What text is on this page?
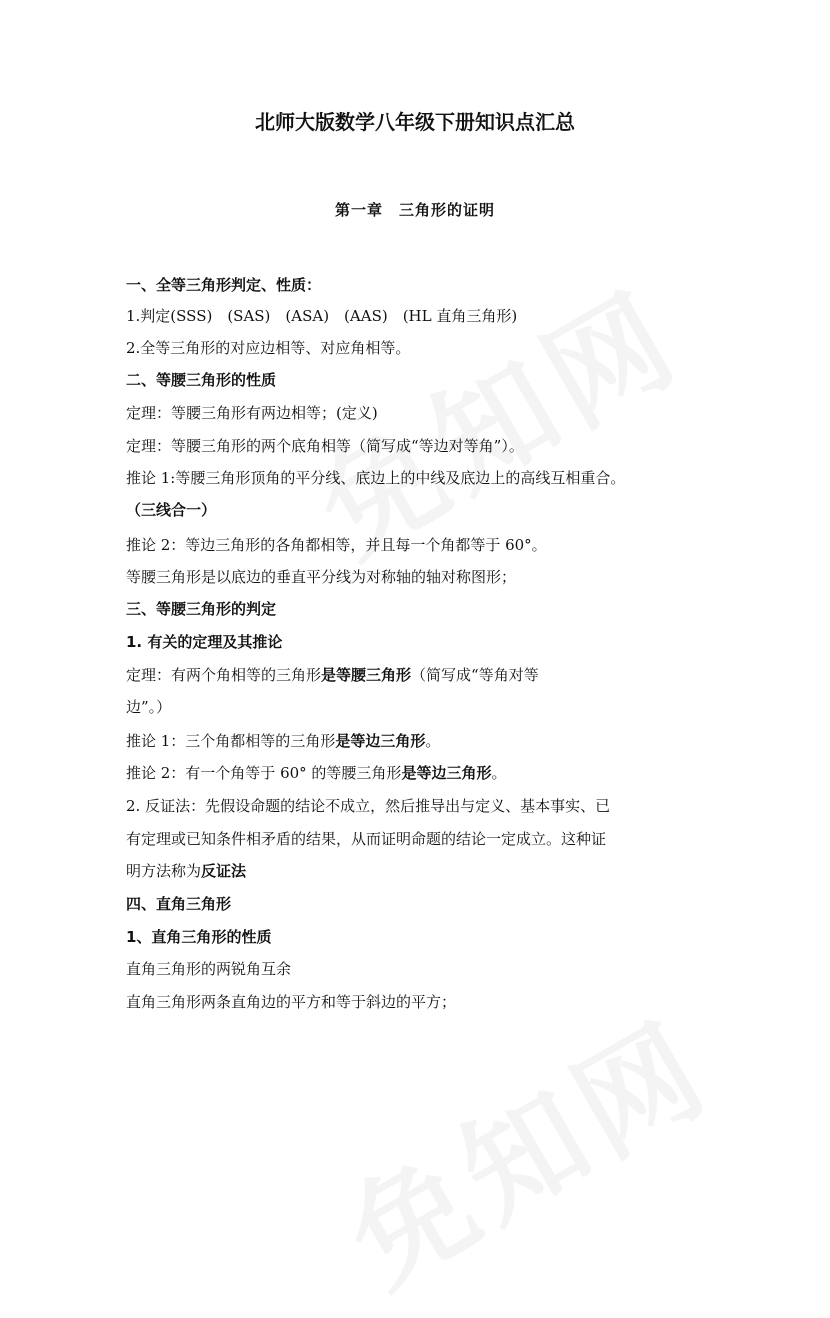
北师大版数学八年级下册知识点汇总
第一章　三角形的证明
一、全等三角形判定、性质：
1.判定(SSS)　(SAS)　(ASA)　(AAS)　(HL 直角三角形)
2.全等三角形的对应边相等、对应角相等。
二、等腰三角形的性质
定理：等腰三角形有两边相等；(定义)
定理：等腰三角形的两个底角相等（简写成“等边对等角”）。
推论 1:等腰三角形顶角的平分线、底边上的中线及底边上的高线互相重合。
（三线合一）
推论 2：等边三角形的各角都相等，并且每一个角都等于 60°。
等腰三角形是以底边的垂直平分线为对称轴的轴对称图形；
三、等腰三角形的判定
1. 有关的定理及其推论
定理：有两个角相等的三角形是等腰三角形（简写成“等角对等
边”。）
推论 1：三个角都相等的三角形是等边三角形。
推论 2：有一个角等于 60° 的等腰三角形是等边三角形。
2. 反证法：先假设命题的结论不成立，然后推导出与定义、基本事实、已
有定理或已知条件相矛盾的结果，从而证明命题的结论一定成立。这种证
明方法称为反证法
四、直角三角形
1、直角三角形的性质
直角三角形的两锐角互余
直角三角形两条直角边的平方和等于斜边的平方；
